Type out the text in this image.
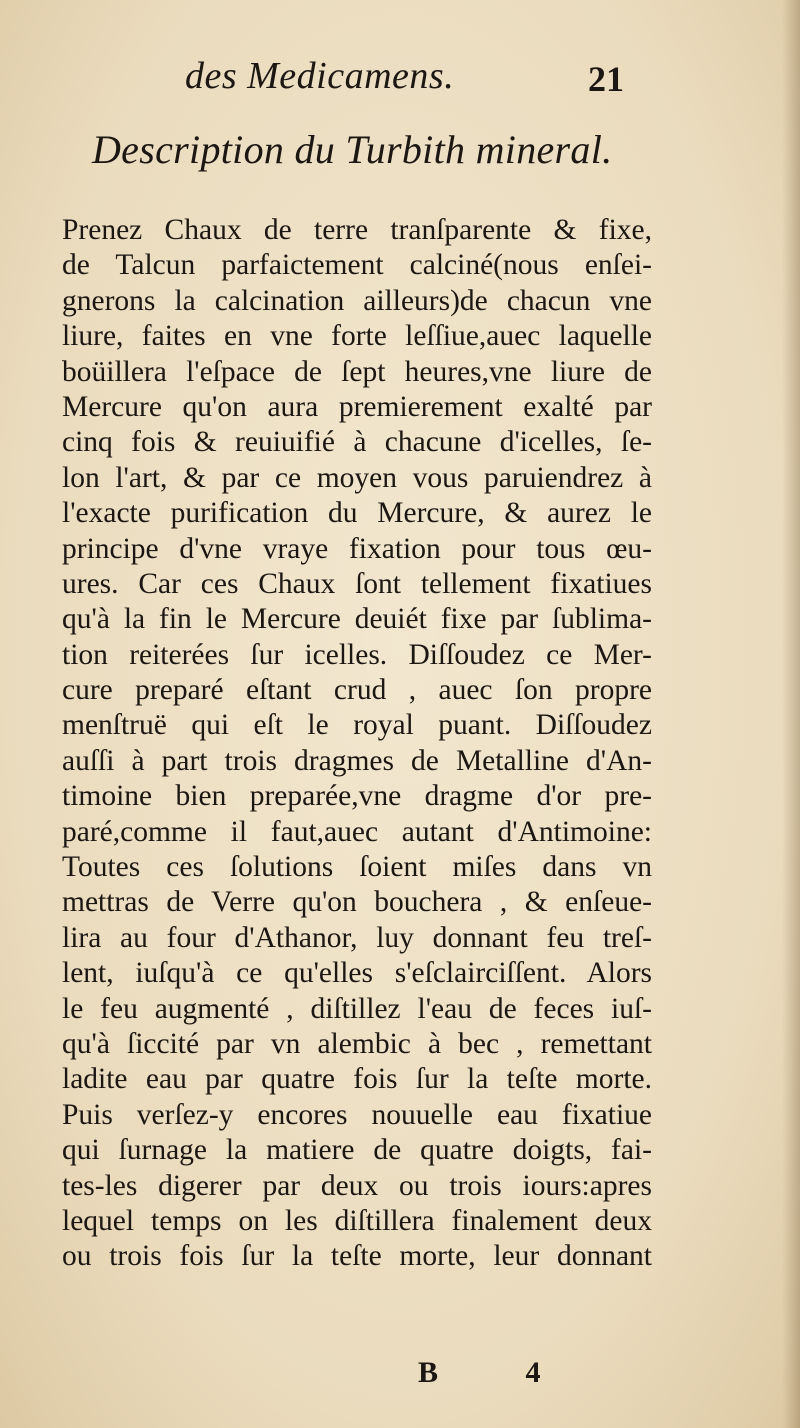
des Medicamens.	21
Description du Turbith mineral.
Prenez Chaux de terre tranſparente & fixe,
de Talcun parfaictement calciné(nous enſei-
gnerons la calcination ailleurs)de chacun vne
liure, faites en vne forte leſſiue,auec laquelle
boüillera l'eſpace de ſept heures,vne liure de
Mercure qu'on aura premierement exalté par
cinq fois & reuiuifié à chacune d'icelles, ſe-
lon l'art, & par ce moyen vous paruiendrez à
l'exacte purification du Mercure, & aurez le
principe d'vne vraye fixation pour tous œu-
ures. Car ces Chaux ſont tellement fixatiues
qu'à la fin le Mercure deuiét fixe par ſublima-
tion reiterées ſur icelles. Diſſoudez ce Mer-
cure preparé eſtant crud , auec ſon propre
menſtruë qui eſt le royal puant. Diſſoudez
auſſi à part trois dragmes de Metalline d'An-
timoine bien preparée,vne dragme d'or pre-
paré,comme il faut,auec autant d'Antimoine:
Toutes ces ſolutions ſoient miſes dans vn
mettras de Verre qu'on bouchera , & enſeue-
lira au four d'Athanor, luy donnant feu treſ-
lent, iuſqu'à ce qu'elles s'eſclairciſſent. Alors
le feu augmenté , diſtillez l'eau de feces iuſ-
qu'à ſiccité par vn alembic à bec , remettant
ladite eau par quatre fois ſur la teſte morte.
Puis verſez-y encores nouuelle eau fixatiue
qui ſurnage la matiere de quatre doigts, fai-
tes-les digerer par deux ou trois iours:apres
lequel temps on les diſtillera finalement deux
ou trois fois ſur la teſte morte, leur donnant
B 4
